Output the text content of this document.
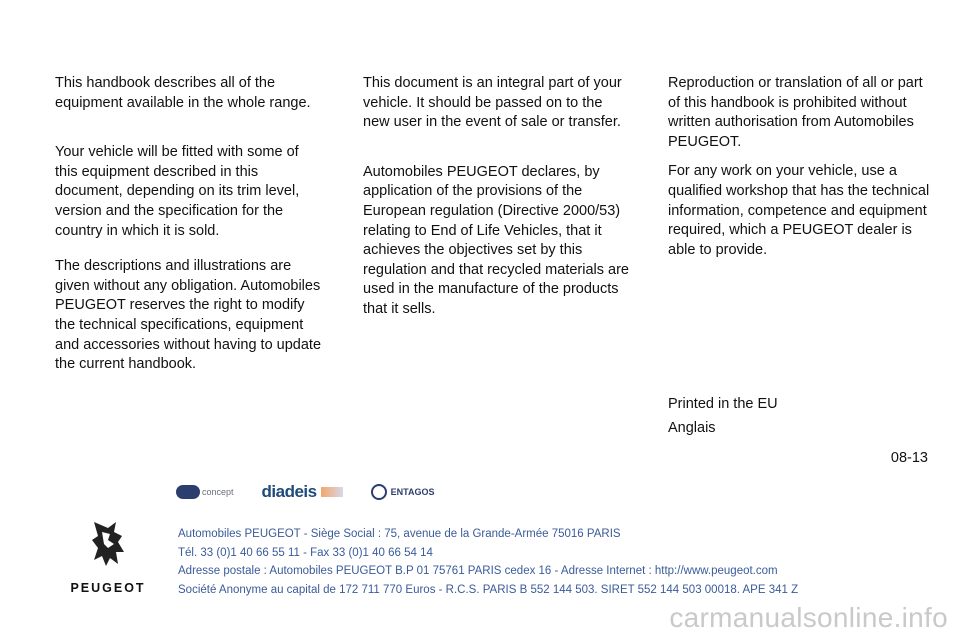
This handbook describes all of the equipment available in the whole range.

Your vehicle will be fitted with some of this equipment described in this document, depending on its trim level, version and the specification for the country in which it is sold.

The descriptions and illustrations are given without any obligation. Automobiles PEUGEOT reserves the right to modify the technical specifications, equipment and accessories without having to update the current handbook.

This document is an integral part of your vehicle. It should be passed on to the new user in the event of sale or transfer.

Automobiles PEUGEOT declares, by application of the provisions of the European regulation (Directive 2000/53) relating to End of Life Vehicles, that it achieves the objectives set by this regulation and that recycled materials are used in the manufacture of the products that it sells.

Reproduction or translation of all or part of this handbook is prohibited without written authorisation from Automobiles PEUGEOT.

For any work on your vehicle, use a qualified workshop that has the technical information, competence and equipment required, which a PEUGEOT dealer is able to provide.

Printed in the EU
Anglais
08-13
concept diadeis	ENTAGOS
PEUGEOT
Automobiles PEUGEOT - Siège Social : 75, avenue de la Grande-Armée 75016 PARIS
Tél. 33 (0)1 40 66 55 11 - Fax 33 (0)1 40 66 54 14
Adresse postale : Automobiles PEUGEOT B.P 01 75761 PARIS cedex 16 - Adresse Internet : http://www.peugeot.com
Société Anonyme au capital de 172 711 770 Euros - R.C.S. PARIS B 552 144 503. SIRET 552 144 503 00018. APE 341 Z
carmanualsonline.info
